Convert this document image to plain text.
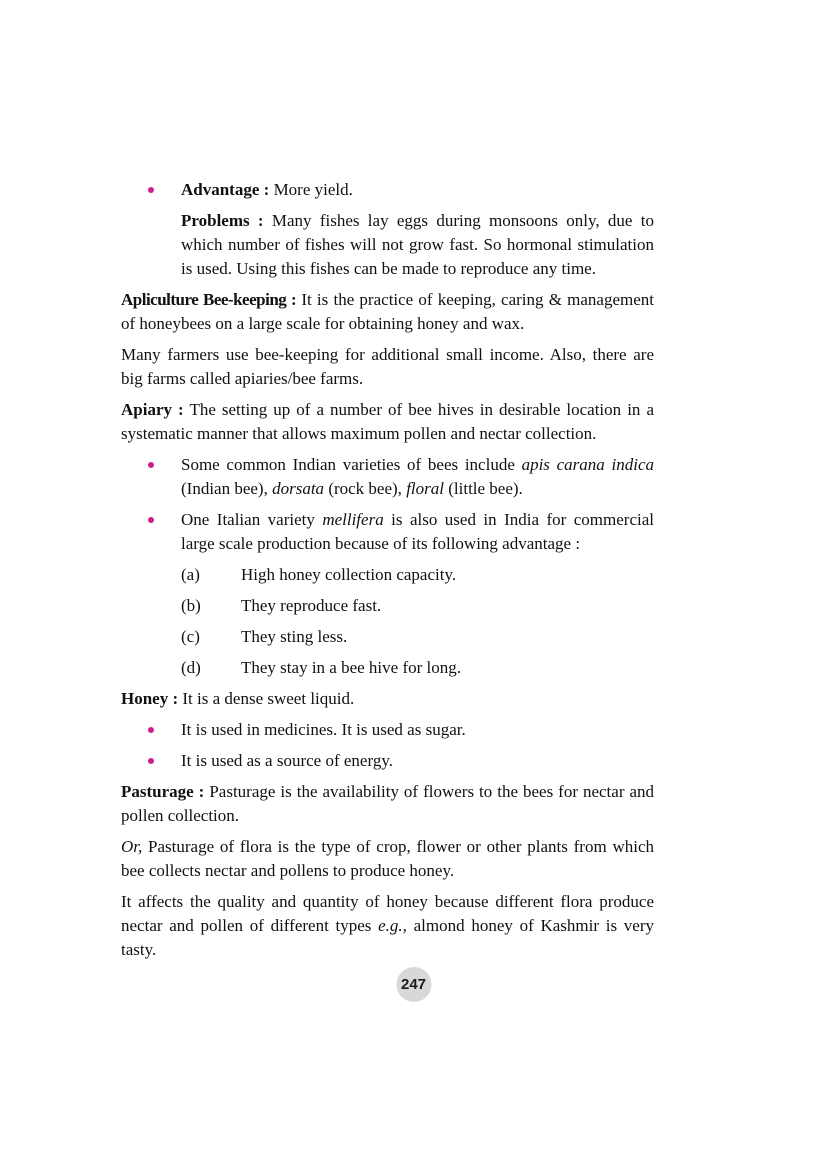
Advantage : More yield.

Problems : Many fishes lay eggs during monsoons only, due to which number of fishes will not grow fast. So hormonal stimulation is used. Using this fishes can be made to reproduce any time.

Apliculture Bee-keeping : It is the practice of keeping, caring & management of honeybees on a large scale for obtaining honey and wax.

Many farmers use bee-keeping for additional small income. Also, there are big farms called apiaries/bee farms.

Apiary : The setting up of a number of bee hives in desirable location in a systematic manner that allows maximum pollen and nectar collection.

Some common Indian varieties of bees include apis carana indica (Indian bee), dorsata (rock bee), floral (little bee).

One Italian variety mellifera is also used in India for commercial large scale production because of its following advantage :

(a)	High honey collection capacity.
(b)	They reproduce fast.
(c)	They sting less.
(d)	They stay in a bee hive for long.

Honey : It is a dense sweet liquid.

It is used in medicines. It is used as sugar.

It is used as a source of energy.

Pasturage : Pasturage is the availability of flowers to the bees for nectar and pollen collection.

Or, Pasturage of flora is the type of crop, flower or other plants from which bee collects nectar and pollens to produce honey.

It affects the quality and quantity of honey because different flora produce nectar and pollen of different types e.g., almond honey of Kashmir is very tasty.

247
